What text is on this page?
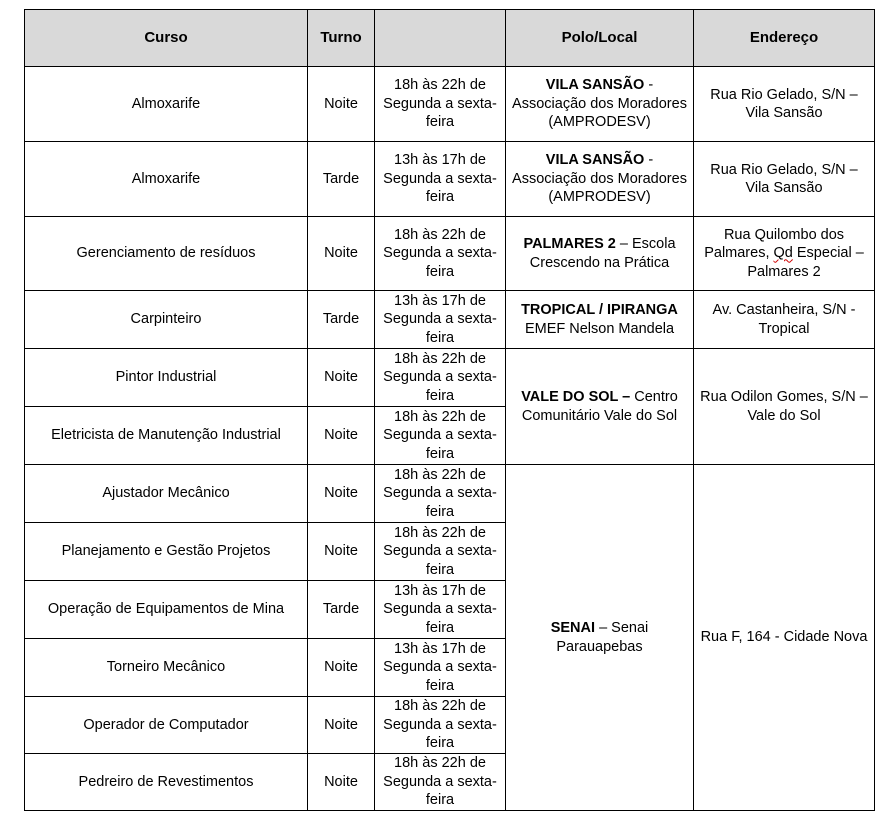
Curso	Turno		Polo/Local	Endereço
Almoxarife	Noite	18h às 22h de Segunda a sexta-feira	VILA SANSÃO - Associação dos Moradores (AMPRODESV)	Rua Rio Gelado, S/N – Vila Sansão
Almoxarife	Tarde	13h às 17h de Segunda a sexta-feira	VILA SANSÃO - Associação dos Moradores (AMPRODESV)	Rua Rio Gelado, S/N – Vila Sansão
Gerenciamento de resíduos	Noite	18h às 22h de Segunda a sexta-feira	PALMARES 2 – Escola Crescendo na Prática	Rua Quilombo dos Palmares, Qd Especial – Palmares 2
Carpinteiro	Tarde	13h às 17h de Segunda a sexta-feira	TROPICAL / IPIRANGA EMEF Nelson Mandela	Av. Castanheira, S/N - Tropical
Pintor Industrial	Noite	18h às 22h de Segunda a sexta-feira	VALE DO SOL – Centro Comunitário Vale do Sol	Rua Odilon Gomes, S/N – Vale do Sol
Eletricista de Manutenção Industrial	Noite	18h às 22h de Segunda a sexta-feira		
Ajustador Mecânico	Noite	18h às 22h de Segunda a sexta-feira	SENAI – Senai Parauapebas	Rua F, 164 - Cidade Nova
Planejamento e Gestão Projetos	Noite	18h às 22h de Segunda a sexta-feira		
Operação de Equipamentos de Mina	Tarde	13h às 17h de Segunda a sexta-feira		
Torneiro Mecânico	Noite	13h às 17h de Segunda a sexta-feira		
Operador de Computador	Noite	18h às 22h de Segunda a sexta-feira		
Pedreiro de Revestimentos	Noite	18h às 22h de Segunda a sexta-feira		
